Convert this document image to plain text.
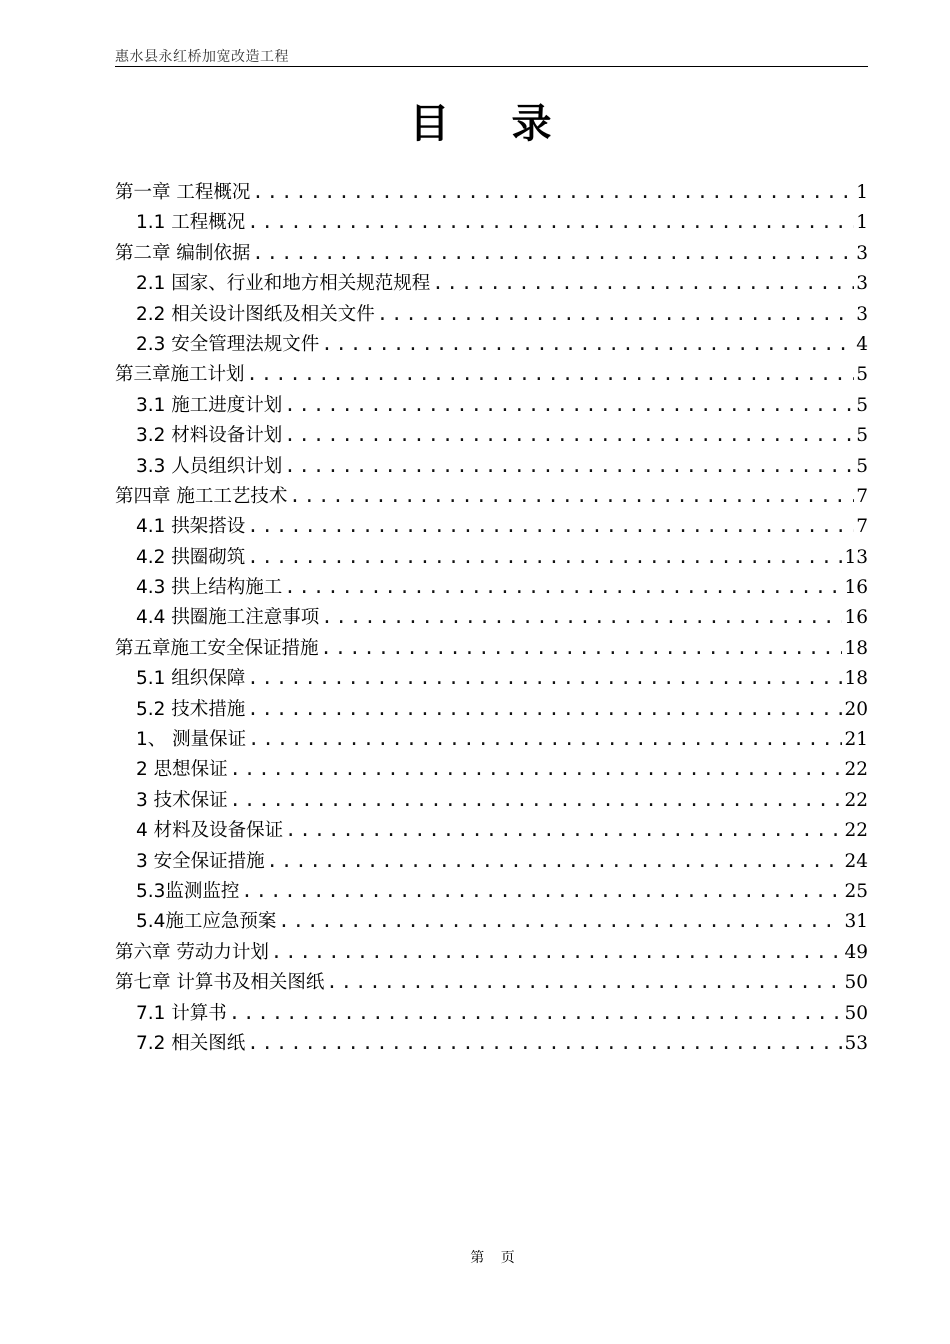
惠水县永红桥加宽改造工程
目 录
第一章 工程概况 .....	1
1.1 工程概况 .....	1
第二章 编制依据 .....	3
2.1 国家、行业和地方相关规范规程 .....	3
2.2 相关设计图纸及相关文件 .....	3
2.3 安全管理法规文件 .....	4
第三章施工计划 .....	5
3.1 施工进度计划 .....	5
3.2 材料设备计划 .....	5
3.3 人员组织计划 .....	5
第四章 施工工艺技术 .....	7
4.1 拱架搭设 .....	7
4.2 拱圈砌筑 .....	13
4.3 拱上结构施工 .....	16
4.4 拱圈施工注意事项 .....	16
第五章施工安全保证措施 .....	18
5.1 组织保障 .....	18
5.2 技术措施 .....	20
1、 测量保证 .....	21
2 思想保证 .....	22
3 技术保证 .....	22
4 材料及设备保证 .....	22
3 安全保证措施 .....	24
5.3监测监控 .....	25
5.4施工应急预案 .....	31
第六章 劳动力计划 .....	49
第七章 计算书及相关图纸 .....	50
7.1 计算书 .....	50
7.2 相关图纸 .....	53
第 页
